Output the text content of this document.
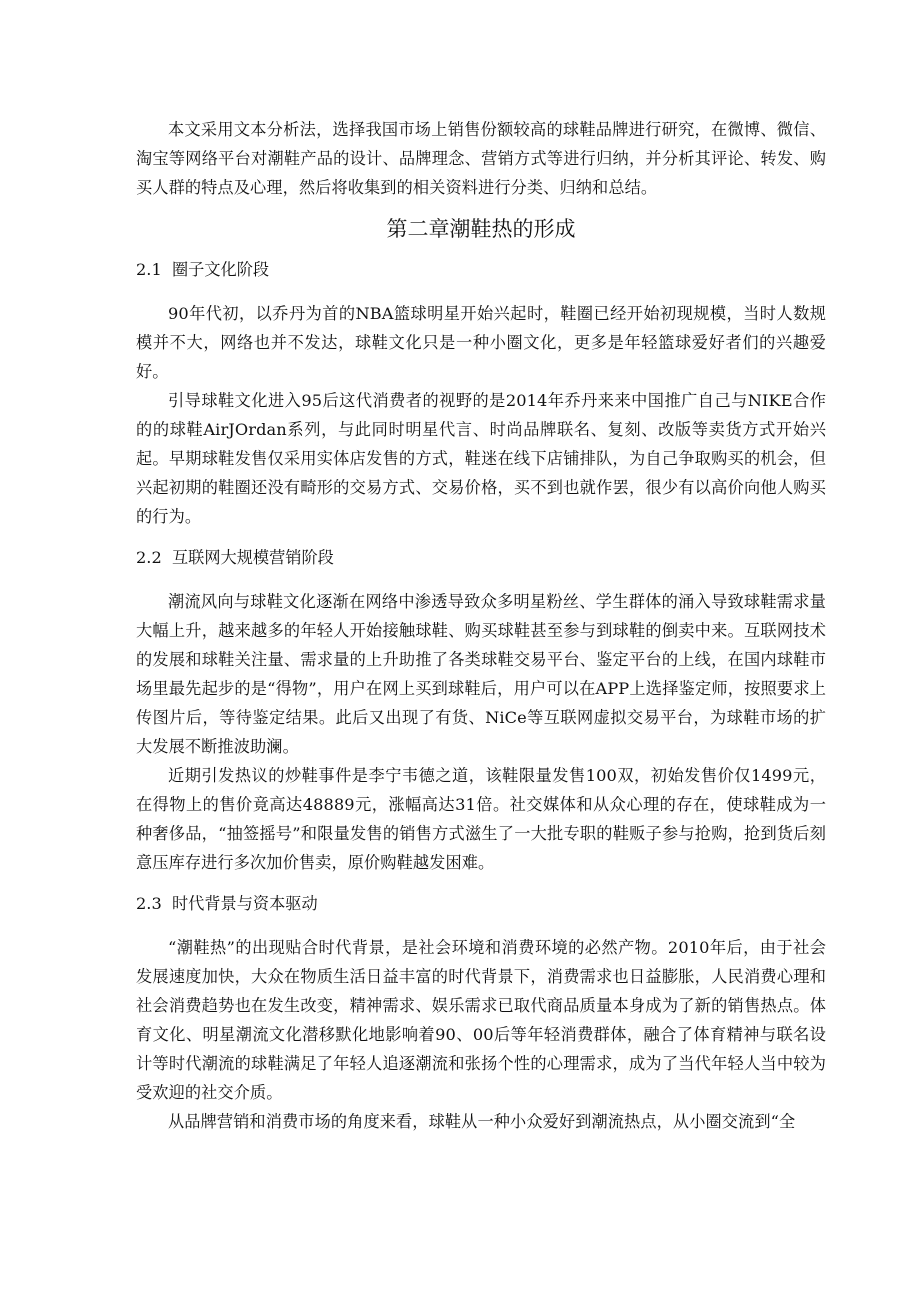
本文采用文本分析法，选择我国市场上销售份额较高的球鞋品牌进行研究，在微博、微信、淘宝等网络平台对潮鞋产品的设计、品牌理念、营销方式等进行归纳，并分析其评论、转发、购买人群的特点及心理，然后将收集到的相关资料进行分类、归纳和总结。

第二章潮鞋热的形成
2.1 圈子文化阶段

90年代初，以乔丹为首的NBA篮球明星开始兴起时，鞋圈已经开始初现规模，当时人数规模并不大，网络也并不发达，球鞋文化只是一种小圈文化，更多是年轻篮球爱好者们的兴趣爱好。

引导球鞋文化进入95后这代消费者的视野的是2014年乔丹来来中国推广自己与NIKE合作的的球鞋AirJOrdan系列，与此同时明星代言、时尚品牌联名、复刻、改版等卖货方式开始兴起。早期球鞋发售仅采用实体店发售的方式，鞋迷在线下店铺排队，为自己争取购买的机会，但兴起初期的鞋圈还没有畸形的交易方式、交易价格，买不到也就作罢，很少有以高价向他人购买的行为。

2.2 互联网大规模营销阶段

潮流风向与球鞋文化逐渐在网络中渗透导致众多明星粉丝、学生群体的涌入导致球鞋需求量大幅上升，越来越多的年轻人开始接触球鞋、购买球鞋甚至参与到球鞋的倒卖中来。互联网技术的发展和球鞋关注量、需求量的上升助推了各类球鞋交易平台、鉴定平台的上线，在国内球鞋市场里最先起步的是“得物”，用户在网上买到球鞋后，用户可以在APP上选择鉴定师，按照要求上传图片后，等待鉴定结果。此后又出现了有货、NiCe等互联网虚拟交易平台，为球鞋市场的扩大发展不断推波助澜。

近期引发热议的炒鞋事件是李宁韦德之道，该鞋限量发售100双，初始发售价仅1499元，在得物上的售价竟高达48889元，涨幅高达31倍。社交媒体和从众心理的存在，使球鞋成为一种奢侈品，“抽签摇号”和限量发售的销售方式滋生了一大批专职的鞋贩子参与抢购，抢到货后刻意压库存进行多次加价售卖，原价购鞋越发困难。

2.3 时代背景与资本驱动

“潮鞋热”的出现贴合时代背景，是社会环境和消费环境的必然产物。2010年后，由于社会发展速度加快，大众在物质生活日益丰富的时代背景下，消费需求也日益膨胀，人民消费心理和社会消费趋势也在发生改变，精神需求、娱乐需求已取代商品质量本身成为了新的销售热点。体育文化、明星潮流文化潜移默化地影响着90、00后等年轻消费群体，融合了体育精神与联名设计等时代潮流的球鞋满足了年轻人追逐潮流和张扬个性的心理需求，成为了当代年轻人当中较为受欢迎的社交介质。

从品牌营销和消费市场的角度来看，球鞋从一种小众爱好到潮流热点，从小圈交流到“全
